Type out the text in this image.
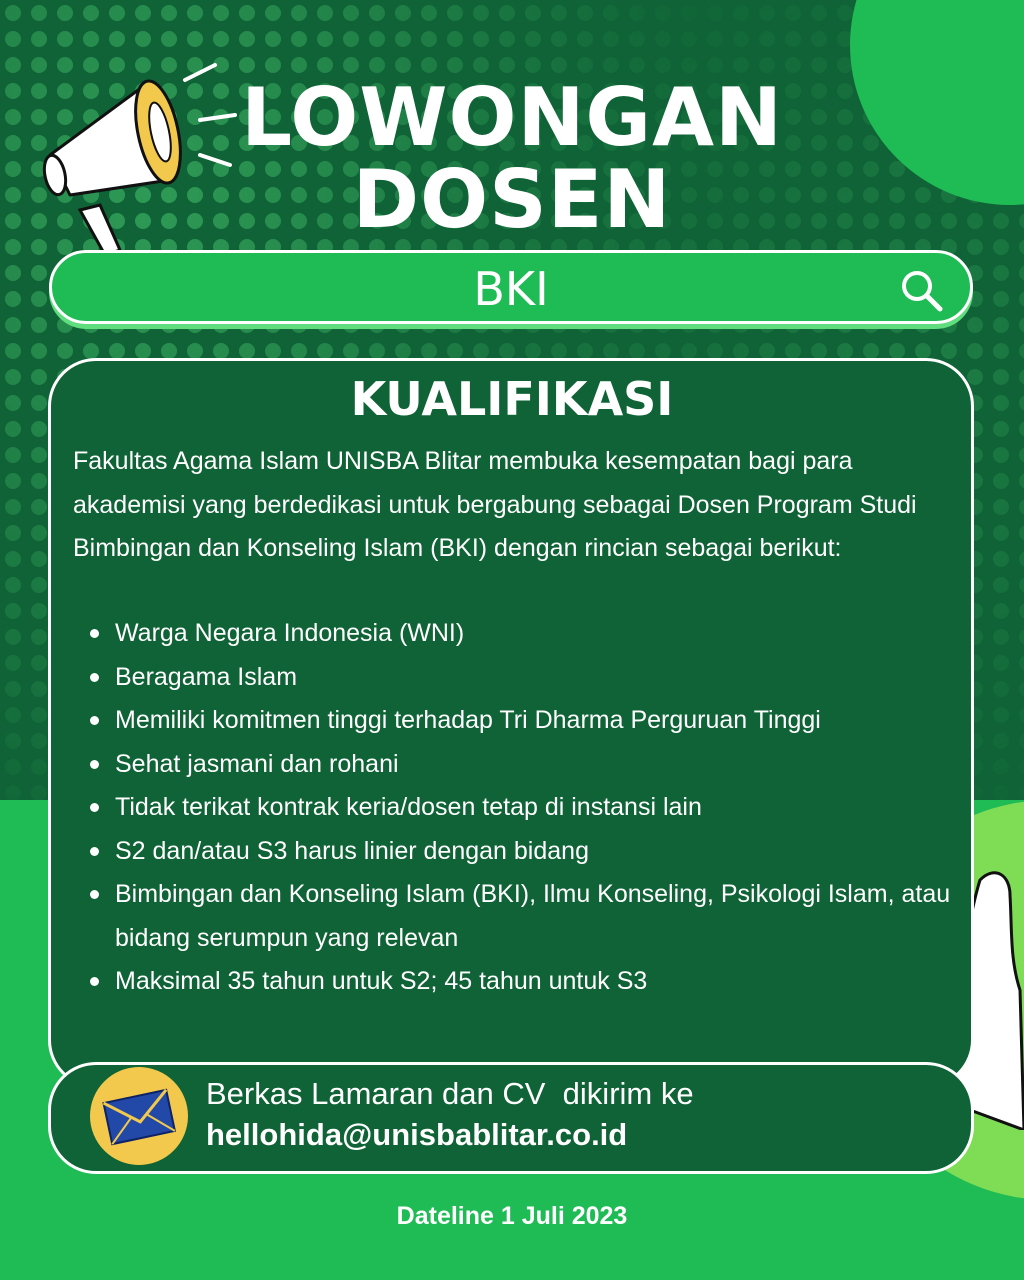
LOWONGAN
DOSEN
BKI
KUALIFIKASI
Fakultas Agama Islam UNISBA Blitar membuka kesempatan bagi para akademisi yang berdedikasi untuk bergabung sebagai Dosen Program Studi Bimbingan dan Konseling Islam (BKI) dengan rincian sebagai berikut:
Warga Negara Indonesia (WNI)
Beragama Islam
Memiliki komitmen tinggi terhadap Tri Dharma Perguruan Tinggi
Sehat jasmani dan rohani
Tidak terikat kontrak keria/dosen tetap di instansi lain
S2 dan/atau S3 harus linier dengan bidang
Bimbingan dan Konseling Islam (BKI), Ilmu Konseling, Psikologi Islam, atau bidang serumpun yang relevan
Maksimal 35 tahun untuk S2; 45 tahun untuk S3
Berkas Lamaran dan CV  dikirim ke
hellohida@unisbablitar.co.id
Dateline 1 Juli 2023
